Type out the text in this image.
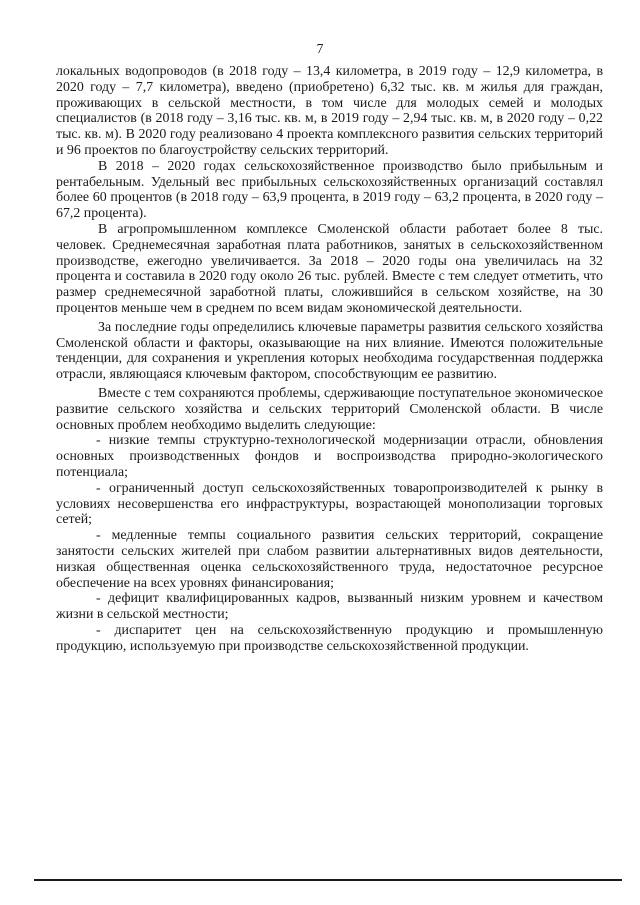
7

локальных водопроводов (в 2018 году – 13,4 километра, в 2019 году – 12,9 километра, в 2020 году – 7,7 километра), введено (приобретено) 6,32 тыс. кв. м жилья для граждан, проживающих в сельской местности, в том числе для молодых семей и молодых специалистов (в 2018 году – 3,16 тыс. кв. м, в 2019 году – 2,94 тыс. кв. м, в 2020 году – 0,22 тыс. кв. м). В 2020 году реализовано 4 проекта комплексного развития сельских территорий и 96 проектов по благоустройству сельских территорий.

В 2018 – 2020 годах сельскохозяйственное производство было прибыльным и рентабельным. Удельный вес прибыльных сельскохозяйственных организаций составлял более 60 процентов (в 2018 году – 63,9 процента, в 2019 году – 63,2 процента, в 2020 году – 67,2 процента).

В агропромышленном комплексе Смоленской области работает более 8 тыс. человек. Среднемесячная заработная плата работников, занятых в сельскохозяйственном производстве, ежегодно увеличивается. За 2018 – 2020 годы она увеличилась на 32 процента и составила в 2020 году около 26 тыс. рублей. Вместе с тем следует отметить, что размер среднемесячной заработной платы, сложившийся в сельском хозяйстве, на 30 процентов меньше чем в среднем по всем видам экономической деятельности.

За последние годы определились ключевые параметры развития сельского хозяйства Смоленской области и факторы, оказывающие на них влияние. Имеются положительные тенденции, для сохранения и укрепления которых необходима государственная поддержка отрасли, являющаяся ключевым фактором, способствующим ее развитию.

Вместе с тем сохраняются проблемы, сдерживающие поступательное экономическое развитие сельского хозяйства и сельских территорий Смоленской области. В числе основных проблем необходимо выделить следующие:

- низкие темпы структурно-технологической модернизации отрасли, обновления основных производственных фондов и воспроизводства природно-экологического потенциала;

- ограниченный доступ сельскохозяйственных товаропроизводителей к рынку в условиях несовершенства его инфраструктуры, возрастающей монополизации торговых сетей;

- медленные темпы социального развития сельских территорий, сокращение занятости сельских жителей при слабом развитии альтернативных видов деятельности, низкая общественная оценка сельскохозяйственного труда, недостаточное ресурсное обеспечение на всех уровнях финансирования;

- дефицит квалифицированных кадров, вызванный низким уровнем и качеством жизни в сельской местности;

- диспаритет цен на сельскохозяйственную продукцию и промышленную продукцию, используемую при производстве сельскохозяйственной продукции.
